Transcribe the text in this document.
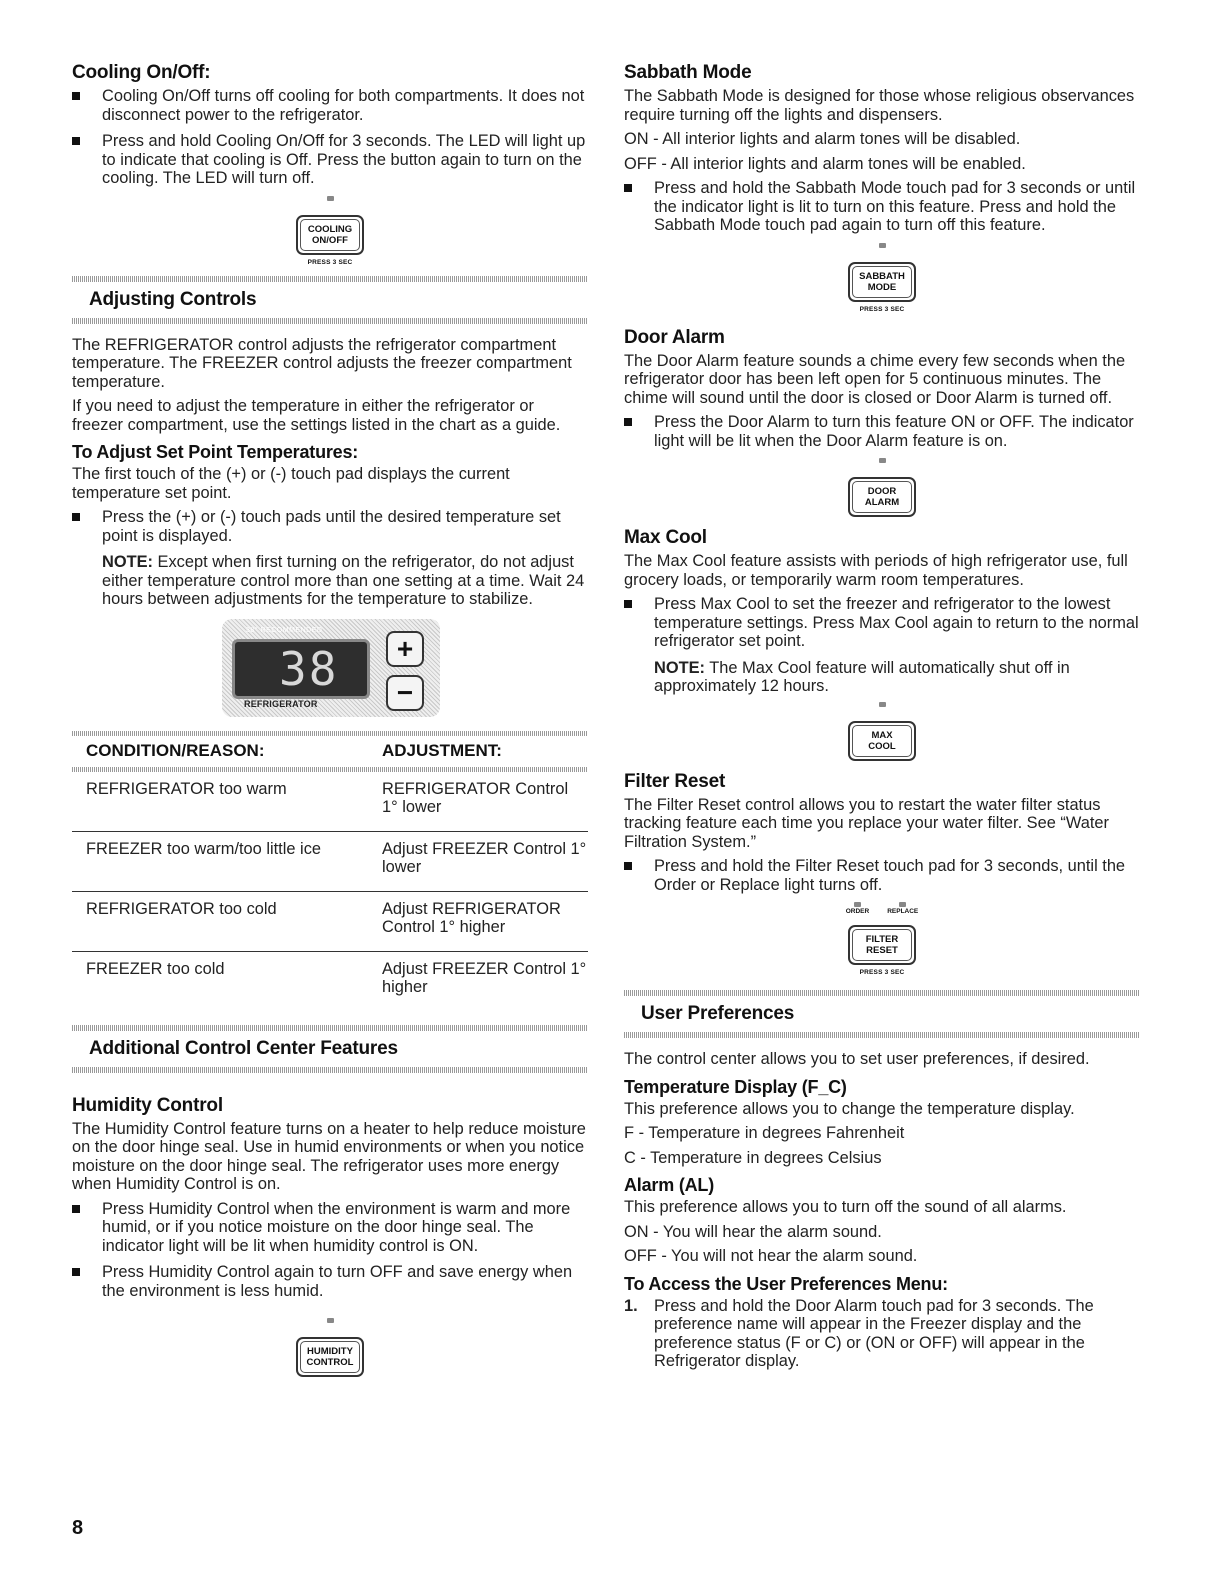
Cooling On/Off:
Cooling On/Off turns off cooling for both compartments. It does not disconnect power to the refrigerator.
Press and hold Cooling On/Off for 3 seconds. The LED will light up to indicate that cooling is Off. Press the button again to turn on the cooling. The LED will turn off.
COOLING
ON/OFF
PRESS 3 SEC
Adjusting Controls

The REFRIGERATOR control adjusts the refrigerator compartment temperature. The FREEZER control adjusts the freezer compartment temperature.

If you need to adjust the temperature in either the refrigerator or freezer compartment, use the settings listed in the chart as a guide.

To Adjust Set Point Temperatures:

The first touch of the (+) or (-) touch pad displays the current temperature set point.

Press the (+) or (-) touch pads until the desired temperature set point is displayed.

NOTE: Except when first turning on the refrigerator, do not adjust either temperature control more than one setting at a time. Wait 24 hours between adjustments for the temperature to stabilize.

38° RECOMMENDED
38
REFRIGERATOR
+
−

CONDITION/REASON:	ADJUSTMENT:

REFRIGERATOR too warm	REFRIGERATOR Control 1° lower
FREEZER too warm/too little ice	Adjust FREEZER Control 1° lower
REFRIGERATOR too cold	Adjust REFRIGERATOR Control 1° higher
FREEZER too cold	Adjust FREEZER Control 1° higher
Additional Control Center Features
Humidity Control

The Humidity Control feature turns on a heater to help reduce moisture on the door hinge seal. Use in humid environments or when you notice moisture on the door hinge seal. The refrigerator uses more energy when Humidity Control is on.

Press Humidity Control when the environment is warm and more humid, or if you notice moisture on the door hinge seal. The indicator light will be lit when humidity control is ON.
Press Humidity Control again to turn OFF and save energy when the environment is less humid.
HUMIDITY
CONTROL
Sabbath Mode

The Sabbath Mode is designed for those whose religious observances require turning off the lights and dispensers.

ON - All interior lights and alarm tones will be disabled.

OFF - All interior lights and alarm tones will be enabled.

Press and hold the Sabbath Mode touch pad for 3 seconds or until the indicator light is lit to turn on this feature. Press and hold the Sabbath Mode touch pad again to turn off this feature.
SABBATH
MODE
PRESS 3 SEC
Door Alarm

The Door Alarm feature sounds a chime every few seconds when the refrigerator door has been left open for 5 continuous minutes. The chime will sound until the door is closed or Door Alarm is turned off.

Press the Door Alarm to turn this feature ON or OFF. The indicator light will be lit when the Door Alarm feature is on.
DOOR
ALARM
Max Cool

The Max Cool feature assists with periods of high refrigerator use, full grocery loads, or temporarily warm room temperatures.

Press Max Cool to set the freezer and refrigerator to the lowest temperature settings. Press Max Cool again to return to the normal refrigerator set point.

NOTE: The Max Cool feature will automatically shut off in approximately 12 hours.

MAX
COOL
Filter Reset

The Filter Reset control allows you to restart the water filter status tracking feature each time you replace your water filter. See “Water Filtration System.”

Press and hold the Filter Reset touch pad for 3 seconds, until the Order or Replace light turns off.
ORDER	REPLACE
FILTER
RESET
PRESS 3 SEC
User Preferences

The control center allows you to set user preferences, if desired.

Temperature Display (F_C)

This preference allows you to change the temperature display.

F - Temperature in degrees Fahrenheit

C - Temperature in degrees Celsius

Alarm (AL)

This preference allows you to turn off the sound of all alarms.

ON - You will hear the alarm sound.

OFF - You will not hear the alarm sound.

To Access the User Preferences Menu:
1. Press and hold the Door Alarm touch pad for 3 seconds. The preference name will appear in the Freezer display and the preference status (F or C) or (ON or OFF) will appear in the Refrigerator display.
8
